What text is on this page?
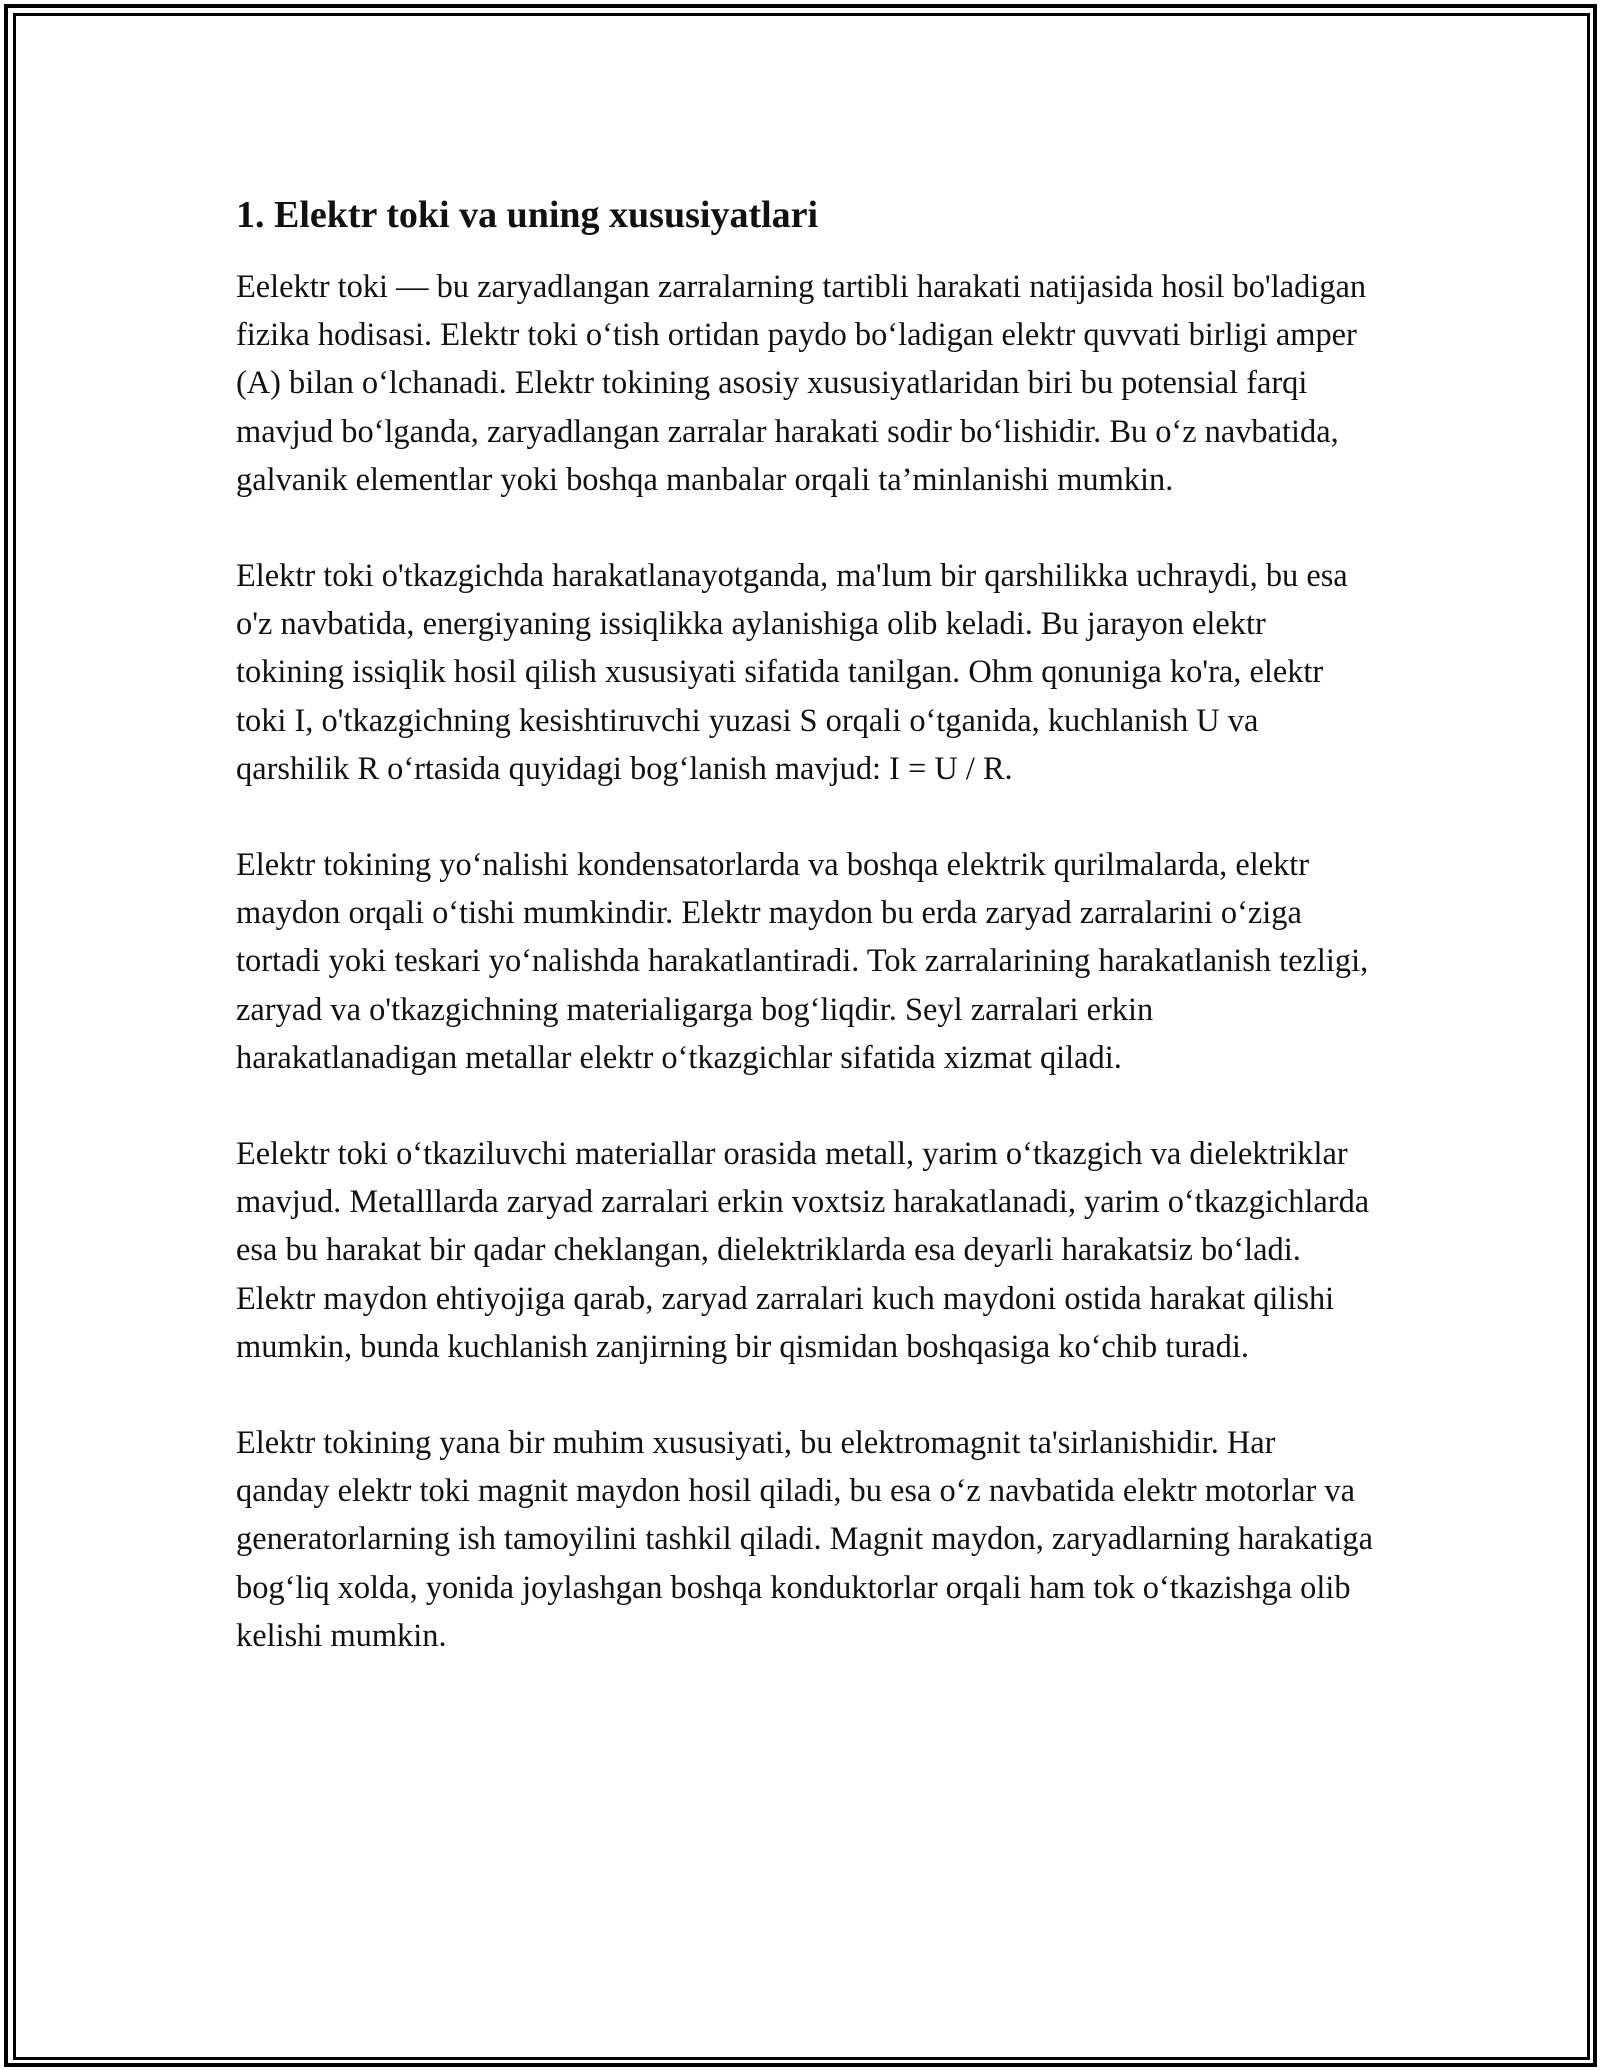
1. Elektr toki va uning xususiyatlari

Eelektr toki — bu zaryadlangan zarralarning tartibli harakati natijasida hosil bo'ladigan fizika hodisasi. Elektr toki o‘tish ortidan paydo bo‘ladigan elektr quvvati birligi amper (A) bilan o‘lchanadi. Elektr tokining asosiy xususiyatlaridan biri bu potensial farqi mavjud bo‘lganda, zaryadlangan zarralar harakati sodir bo‘lishidir. Bu o‘z navbatida, galvanik elementlar yoki boshqa manbalar orqali ta’minlanishi mumkin.

Elektr toki o'tkazgichda harakatlanayotganda, ma'lum bir qarshilikka uchraydi, bu esa o'z navbatida, energiyaning issiqlikka aylanishiga olib keladi. Bu jarayon elektr tokining issiqlik hosil qilish xususiyati sifatida tanilgan. Ohm qonuniga ko'ra, elektr toki I, o'tkazgichning kesishtiruvchi yuzasi S orqali o‘tganida, kuchlanish U va qarshilik R o‘rtasida quyidagi bog‘lanish mavjud: I = U / R.

Elektr tokining yo‘nalishi kondensatorlarda va boshqa elektrik qurilmalarda, elektr maydon orqali o‘tishi mumkindir. Elektr maydon bu erda zaryad zarralarini o‘ziga tortadi yoki teskari yo‘nalishda harakatlantiradi. Tok zarralarining harakatlanish tezligi, zaryad va o'tkazgichning materialigarga bog‘liqdir. Seyl zarralari erkin harakatlanadigan metallar elektr o‘tkazgichlar sifatida xizmat qiladi.

Eelektr toki o‘tkaziluvchi materiallar orasida metall, yarim o‘tkazgich va dielektriklar mavjud. Metalllarda zaryad zarralari erkin voxtsiz harakatlanadi, yarim o‘tkazgichlarda esa bu harakat bir qadar cheklangan, dielektriklarda esa deyarli harakatsiz bo‘ladi. Elektr maydon ehtiyojiga qarab, zaryad zarralari kuch maydoni ostida harakat qilishi mumkin, bunda kuchlanish zanjirning bir qismidan boshqasiga ko‘chib turadi.

Elektr tokining yana bir muhim xususiyati, bu elektromagnit ta'sirlanishidir. Har qanday elektr toki magnit maydon hosil qiladi, bu esa o‘z navbatida elektr motorlar va generatorlarning ish tamoyilini tashkil qiladi. Magnit maydon, zaryadlarning harakatiga bog‘liq xolda, yonida joylashgan boshqa konduktorlar orqali ham tok o‘tkazishga olib kelishi mumkin.
